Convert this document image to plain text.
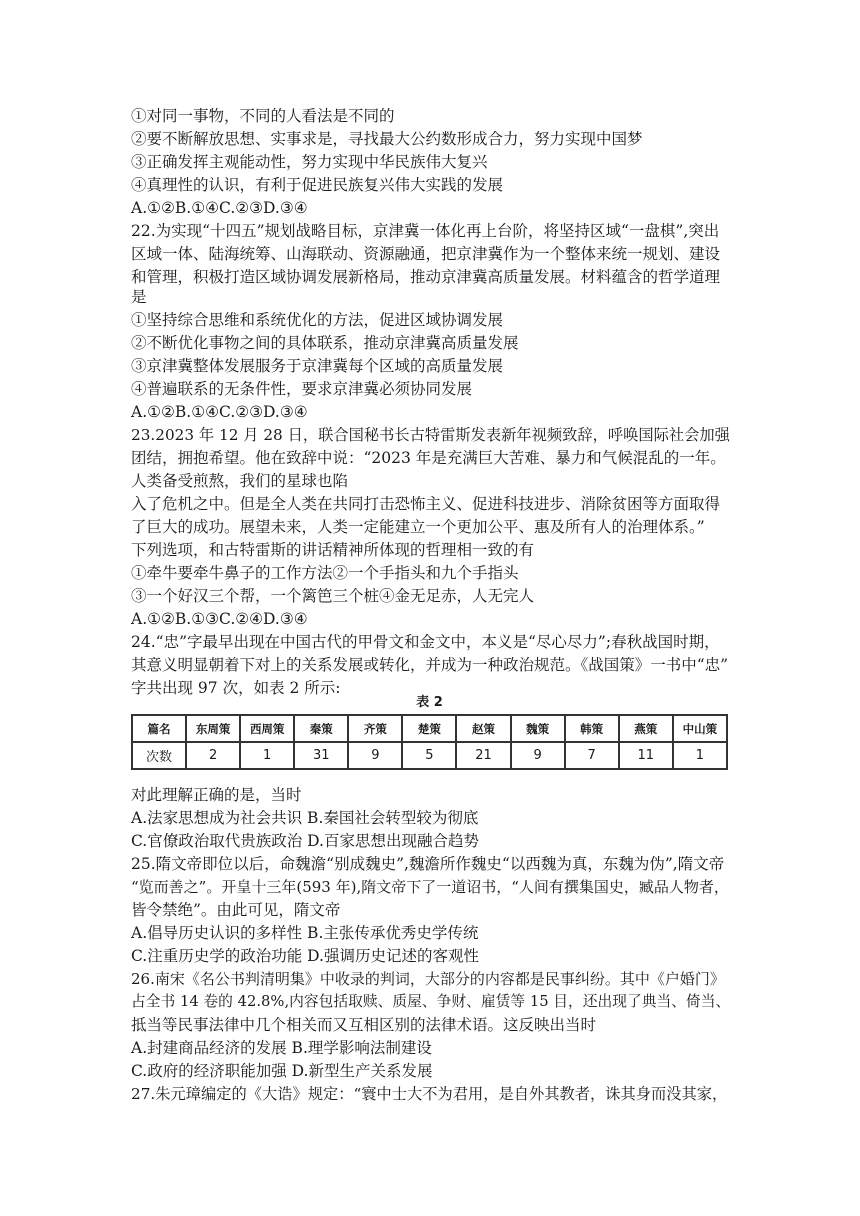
①对同一事物，不同的人看法是不同的
②要不断解放思想、实事求是，寻找最大公约数形成合力，努力实现中国梦
③正确发挥主观能动性，努力实现中华民族伟大复兴
④真理性的认识，有利于促进民族复兴伟大实践的发展
A.①②B.①④C.②③D.③④
22.为实现“十四五”规划战略目标，京津冀一体化再上台阶，将坚持区域“一盘棋”,突出
区域一体、陆海统筹、山海联动、资源融通，把京津冀作为一个整体来统一规划、建设
和管理，积极打造区域协调发展新格局，推动京津冀高质量发展。材料蕴含的哲学道理
是
①坚持综合思维和系统优化的方法，促进区域协调发展
②不断优化事物之间的具体联系，推动京津冀高质量发展
③京津冀整体发展服务于京津冀每个区域的高质量发展
④普遍联系的无条件性，要求京津冀必须协同发展
A.①②B.①④C.②③D.③④
23.2023 年 12 月 28 日，联合国秘书长古特雷斯发表新年视频致辞，呼唤国际社会加强
团结，拥抱希望。他在致辞中说：“2023 年是充满巨大苦难、暴力和气候混乱的一年。
人类备受煎熬，我们的星球也陷
入了危机之中。但是全人类在共同打击恐怖主义、促进科技进步、消除贫困等方面取得
了巨大的成功。展望未来，人类一定能建立一个更加公平、惠及所有人的治理体系。”
下列选项，和古特雷斯的讲话精神所体现的哲理相一致的有
①牵牛要牵牛鼻子的工作方法②一个手指头和九个手指头
③一个好汉三个帮，一个篱笆三个桩④金无足赤，人无完人
A.①②B.①③C.②④D.③④
24.“忠”字最早出现在中国古代的甲骨文和金文中，本义是“尽心尽力”;春秋战国时期，
其意义明显朝着下对上的关系发展或转化，并成为一种政治规范。《战国策》一书中“忠”
字共出现 97 次，如表 2 所示:
表 2
篇名	东周策	西周策	秦策	齐策	楚策	赵策	魏策	韩策	燕策	中山策
次数	2	1	31	9	5	21	9	7	11	1
对此理解正确的是，当时
A.法家思想成为社会共识 B.秦国社会转型较为彻底
C.官僚政治取代贵族政治 D.百家思想出现融合趋势
25.隋文帝即位以后，命魏澹“别成魏史”,魏澹所作魏史“以西魏为真，东魏为伪”,隋文帝
“览而善之”。开皇十三年(593 年),隋文帝下了一道诏书，“人间有撰集国史，臧品人物者，
皆令禁绝”。由此可见，隋文帝
A.倡导历史认识的多样性 B.主张传承优秀史学传统
C.注重历史学的政治功能 D.强调历史记述的客观性
26.南宋《名公书判清明集》中收录的判词，大部分的内容都是民事纠纷。其中《户婚门》
占全书 14 卷的 42.8%,内容包括取赎、质屋、争财、雇赁等 15 目，还出现了典当、倚当、
抵当等民事法律中几个相关而又互相区别的法律术语。这反映出当时
A.封建商品经济的发展 B.理学影响法制建设
C.政府的经济职能加强 D.新型生产关系发展
27.朱元璋编定的《大诰》规定：“寰中士大不为君用，是自外其教者，诛其身而没其家，
